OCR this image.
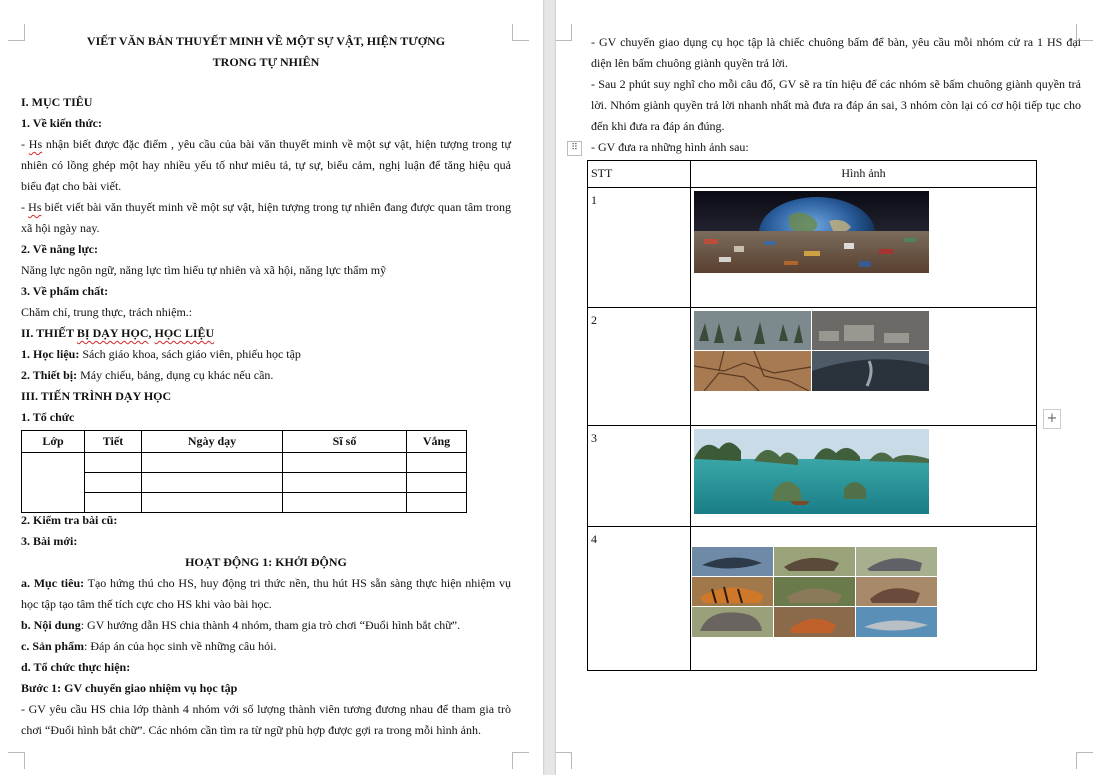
VIẾT VĂN BẢN THUYẾT MINH VỀ MỘT SỰ VẬT, HIỆN TƯỢNG

TRONG TỰ NHIÊN

I. MỤC TIÊU

1. Về kiến thức:

- Hs nhận biết được đặc điểm , yêu cầu của bài văn thuyết minh về một sự vật, hiện tượng trong tự nhiên có lồng ghép một hay nhiều yếu tố như miêu tả, tự sự, biểu cảm, nghị luận để tăng hiệu quả biểu đạt cho bài viết.

- Hs biết viết bài văn thuyết minh về một sự vật, hiện tượng trong tự nhiên đang được quan tâm trong xã hội ngày nay.

2. Về năng lực:

Năng lực ngôn ngữ, năng lực tìm hiểu tự nhiên và xã hội, năng lực thẩm mỹ

3. Về phẩm chất:

Chăm chỉ, trung thực, trách nhiệm.:

II. THIẾT BỊ DẠY HỌC, HỌC LIỆU

1. Học liệu: Sách giáo khoa, sách giáo viên, phiếu học tập

2. Thiết bị: Máy chiếu, bảng, dụng cụ khác nếu cần.

III. TIẾN TRÌNH DẠY HỌC

1. Tổ chức

Lớp	Tiết	Ngày dạy	Sĩ số	Vắng

2. Kiểm tra bài cũ:

3. Bài mới:

HOẠT ĐỘNG 1: KHỞI ĐỘNG

a. Mục tiêu: Tạo hứng thú cho HS, huy động tri thức nền, thu hút HS sẵn sàng thực hiện nhiệm vụ học tập tạo tâm thế tích cực cho HS khi vào bài học.

b. Nội dung: GV hướng dẫn HS chia thành 4 nhóm, tham gia trò chơi “Đuổi hình bắt chữ”.

c. Sản phẩm: Đáp án của học sinh về những câu hỏi.

d. Tổ chức thực hiện:

Bước 1: GV chuyển giao nhiệm vụ học tập

- GV yêu cầu HS chia lớp thành 4 nhóm với số lượng thành viên tương đương nhau để tham gia trò chơi “Đuổi hình bắt chữ”. Các nhóm cần tìm ra từ ngữ phù hợp được gợi ra trong mỗi hình ảnh.

- GV chuyển giao dụng cụ học tập là chiếc chuông bấm để bàn, yêu cầu mỗi nhóm cử ra 1 HS đại diện lên bấm chuông giành quyền trả lời.

- Sau 2 phút suy nghĩ cho mỗi câu đố, GV sẽ ra tín hiệu để các nhóm sẽ bấm chuông giành quyền trả lời. Nhóm giành quyền trả lời nhanh nhất mà đưa ra đáp án sai, 3 nhóm còn lại có cơ hội tiếp tục cho đến khi đưa ra đáp án đúng.

- GV đưa ra những hình ảnh sau:

STT	Hình ảnh
1	

2	

3	

4	
⠿
+
